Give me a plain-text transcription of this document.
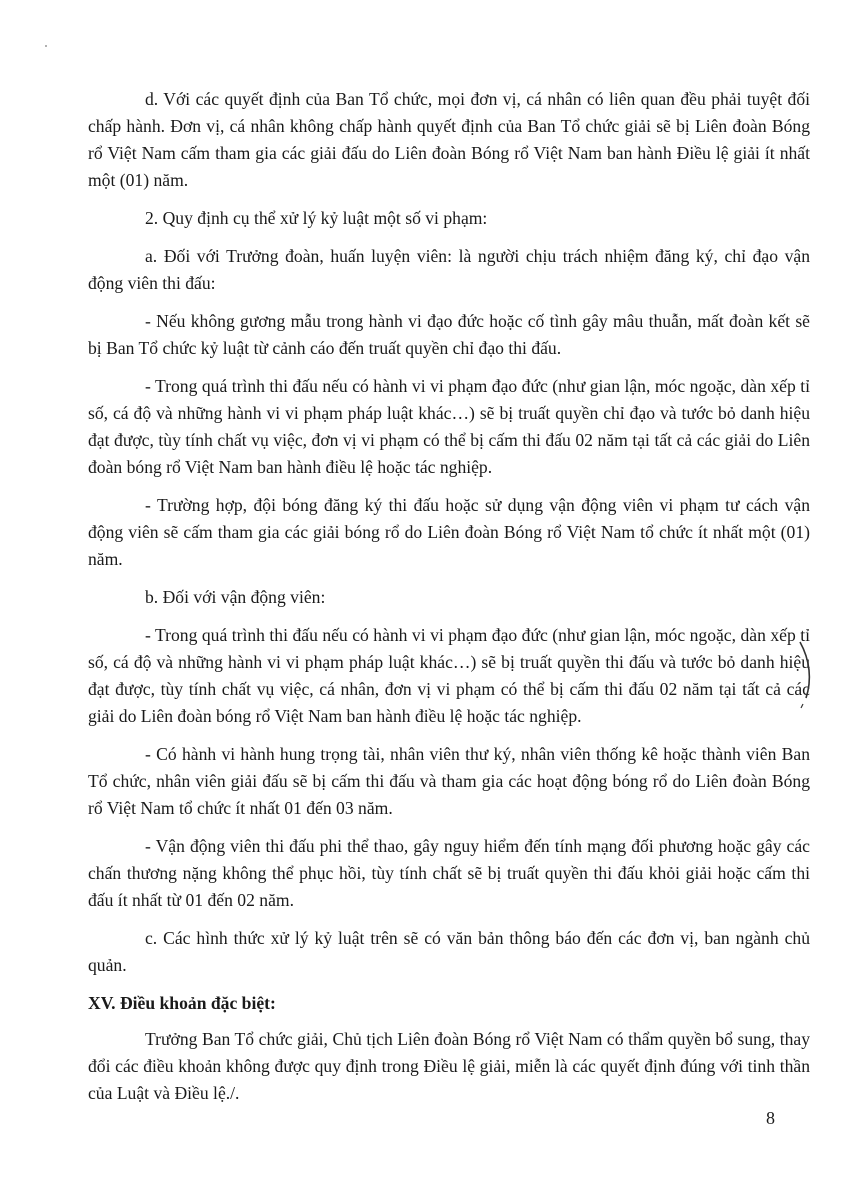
d. Với các quyết định của Ban Tổ chức, mọi đơn vị, cá nhân có liên quan đều phải tuyệt đối chấp hành. Đơn vị, cá nhân không chấp hành quyết định của Ban Tổ chức giải sẽ bị Liên đoàn Bóng rổ Việt Nam cấm tham gia các giải đấu do Liên đoàn Bóng rổ Việt Nam ban hành Điều lệ giải ít nhất một (01) năm.

2. Quy định cụ thể xử lý kỷ luật một số vi phạm:

a. Đối với Trưởng đoàn, huấn luyện viên: là người chịu trách nhiệm đăng ký, chỉ đạo vận động viên thi đấu:

- Nếu không gương mẫu trong hành vi đạo đức hoặc cố tình gây mâu thuẫn, mất đoàn kết sẽ bị Ban Tổ chức kỷ luật từ cảnh cáo đến truất quyền chỉ đạo thi đấu.

- Trong quá trình thi đấu nếu có hành vi vi phạm đạo đức (như gian lận, móc ngoặc, dàn xếp tỉ số, cá độ và những hành vi vi phạm pháp luật khác…) sẽ bị truất quyền chỉ đạo và tước bỏ danh hiệu đạt được, tùy tính chất vụ việc, đơn vị vi phạm có thể bị cấm thi đấu 02 năm tại tất cả các giải do Liên đoàn bóng rổ Việt Nam ban hành điều lệ hoặc tác nghiệp.

- Trường hợp, đội bóng đăng ký thi đấu hoặc sử dụng vận động viên vi phạm tư cách vận động viên sẽ cấm tham gia các giải bóng rổ do Liên đoàn Bóng rổ Việt Nam tổ chức ít nhất một (01) năm.

b. Đối với vận động viên:

- Trong quá trình thi đấu nếu có hành vi vi phạm đạo đức (như gian lận, móc ngoặc, dàn xếp tỉ số, cá độ và những hành vi vi phạm pháp luật khác…) sẽ bị truất quyền thi đấu và tước bỏ danh hiệu đạt được, tùy tính chất vụ việc, cá nhân, đơn vị vi phạm có thể bị cấm thi đấu 02 năm tại tất cả các giải do Liên đoàn bóng rổ Việt Nam ban hành điều lệ hoặc tác nghiệp.

- Có hành vi hành hung trọng tài, nhân viên thư ký, nhân viên thống kê hoặc thành viên Ban Tổ chức, nhân viên giải đấu sẽ bị cấm thi đấu và tham gia các hoạt động bóng rổ do Liên đoàn Bóng rổ Việt Nam tổ chức ít nhất 01 đến 03 năm.

- Vận động viên thi đấu phi thể thao, gây nguy hiểm đến tính mạng đối phương hoặc gây các chấn thương nặng không thể phục hồi, tùy tính chất sẽ bị truất quyền thi đấu khỏi giải hoặc cấm thi đấu ít nhất từ 01 đến 02 năm.

c. Các hình thức xử lý kỷ luật trên sẽ có văn bản thông báo đến các đơn vị, ban ngành chủ quản.

XV. Điều khoản đặc biệt:

Trưởng Ban Tổ chức giải, Chủ tịch Liên đoàn Bóng rổ Việt Nam có thẩm quyền bổ sung, thay đổi các điều khoản không được quy định trong Điều lệ giải, miễn là các quyết định đúng với tinh thần của Luật và Điều lệ./.

8
